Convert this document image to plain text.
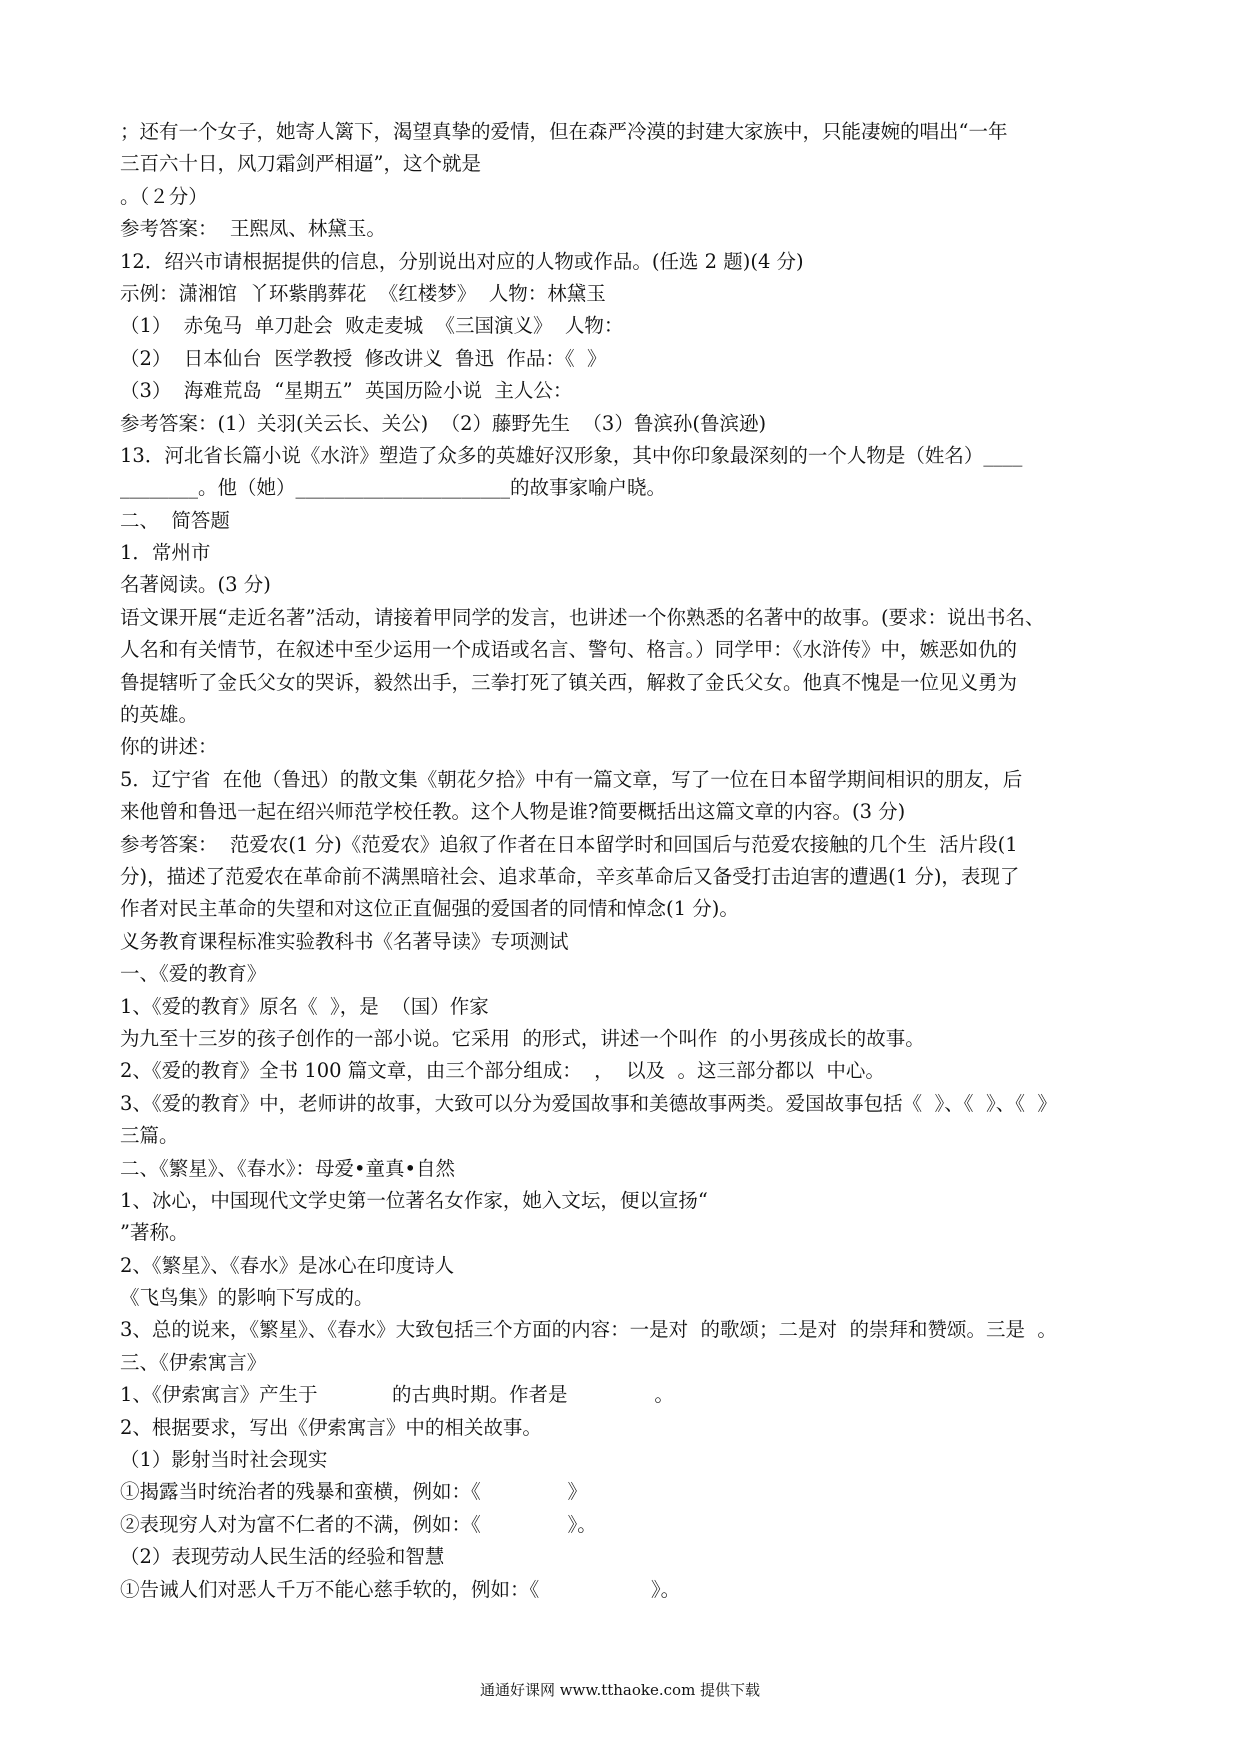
；还有一个女子，她寄人篱下，渴望真挚的爱情，但在森严冷漠的封建大家族中，只能凄婉的唱出“一年
三百六十日，风刀霜剑严相逼”，这个就是
。（２分）
参考答案：  王熙凤、林黛玉。
12．绍兴市请根据提供的信息，分别说出对应的人物或作品。(任选 2 题)(4 分)
示例：潇湘馆  丫环紫鹃葬花  《红楼梦》  人物：林黛玉
（1）  赤兔马  单刀赴会  败走麦城  《三国演义》  人物：
（2）  日本仙台  医学教授  修改讲义  鲁迅  作品：《  》
（3）  海难荒岛  “星期五”  英国历险小说  主人公：
参考答案：(1）关羽(关云长、关公)  （2）藤野先生  （3）鲁滨孙(鲁滨逊)
13．河北省长篇小说《水浒》塑造了众多的英雄好汉形象，其中你印象最深刻的一个人物是（姓名）____
________。他（她）______________________的故事家喻户晓。
二、  简答题
1．常州市
名著阅读。(3 分)
语文课开展“走近名著”活动，请接着甲同学的发言，也讲述一个你熟悉的名著中的故事。(要求：说出书名、
人名和有关情节，在叙述中至少运用一个成语或名言、警句、格言。）同学甲：《水浒传》中，嫉恶如仇的
鲁提辖听了金氏父女的哭诉，毅然出手，三拳打死了镇关西，解救了金氏父女。他真不愧是一位见义勇为
的英雄。
你的讲述：
5．辽宁省  在他（鲁迅）的散文集《朝花夕拾》中有一篇文章，写了一位在日本留学期间相识的朋友，后
来他曾和鲁迅一起在绍兴师范学校任教。这个人物是谁?简要概括出这篇文章的内容。(3 分)
参考答案：  范爱农(1 分)《范爱农》追叙了作者在日本留学时和回国后与范爱农接触的几个生  活片段(1
分)，描述了范爱农在革命前不满黑暗社会、追求革命，辛亥革命后又备受打击迫害的遭遇(1 分)，表现了
作者对民主革命的失望和对这位正直倔强的爱国者的同情和悼念(1 分)。
义务教育课程标准实验教科书《名著导读》专项测试
一、《爱的教育》
1、《爱的教育》原名《  》，是  （国）作家
为九至十三岁的孩子创作的一部小说。它采用  的形式，讲述一个叫作  的小男孩成长的故事。
2、《爱的教育》全书 100 篇文章，由三个部分组成：  ，  以及  。这三部分都以  中心。
3、《爱的教育》中，老师讲的故事，大致可以分为爱国故事和美德故事两类。爱国故事包括《  》、《  》、《  》
三篇。
二、《繁星》、《春水》：母爱•童真•自然
1、冰心，中国现代文学史第一位著名女作家，她入文坛，便以宣扬“
”著称。
2、《繁星》、《春水》是冰心在印度诗人
《飞鸟集》的影响下写成的。
3、总的说来，《繁星》、《春水》大致包括三个方面的内容：一是对  的歌颂；二是对  的崇拜和赞颂。三是  。
三、《伊索寓言》
1、《伊索寓言》产生于            的古典时期。作者是              。
2、根据要求，写出《伊索寓言》中的相关故事。
（1）影射当时社会现实
①揭露当时统治者的残暴和蛮横，例如：《              》
②表现穷人对为富不仁者的不满，例如：《              》。
（2）表现劳动人民生活的经验和智慧
①告诫人们对恶人千万不能心慈手软的，例如：《                  》。
通通好课网 www.tthaoke.com 提供下载
